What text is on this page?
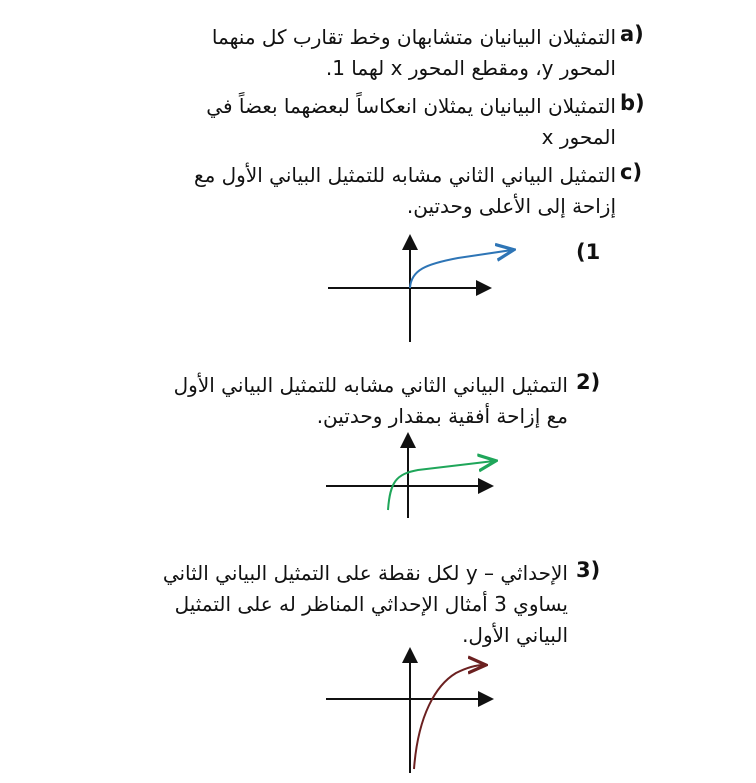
التمثيلان البيانيان متشابهان وخط تقارب كل منهما
المحور y، ومقطع المحور x لهما 1.
a)
التمثيلان البيانيان يمثلان انعكاساً لبعضهما بعضاً في
المحور x
b)
التمثيل البياني الثاني مشابه للتمثيل البياني الأول مع
إزاحة إلى الأعلى وحدتين.
c)
(1
التمثيل البياني الثاني مشابه للتمثيل البياني الأول
مع إزاحة أفقية بمقدار وحدتين.
2)
الإحداثي – y لكل نقطة على التمثيل البياني الثاني
يساوي 3 أمثال الإحداثي المناظر له على التمثيل
البياني الأول.
3)
